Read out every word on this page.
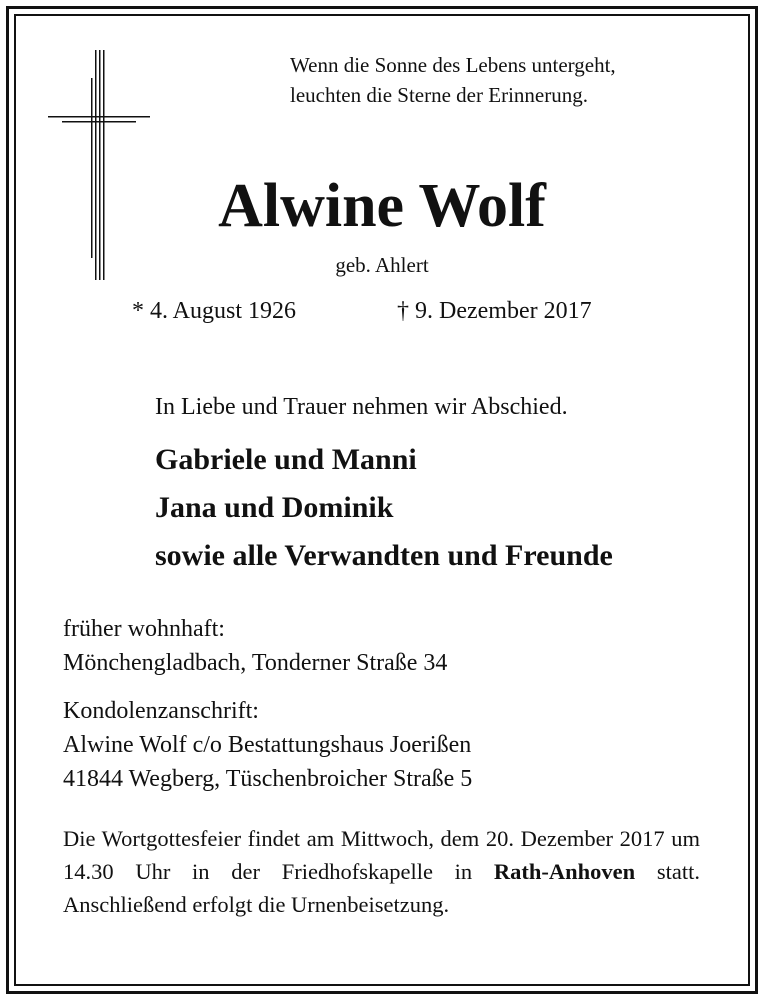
Wenn die Sonne des Lebens untergeht,
leuchten die Sterne der Erinnerung.
Alwine Wolf
geb. Ahlert
* 4. August 1926	† 9. Dezember 2017
In Liebe und Trauer nehmen wir Abschied.
Gabriele und Manni
Jana und Dominik
sowie alle Verwandten und Freunde
früher wohnhaft:
Mönchengladbach, Tonderner Straße 34
Kondolenzanschrift:
Alwine Wolf c/o Bestattungshaus Joerißen
41844 Wegberg, Tüschenbroicher Straße 5
Die Wortgottesfeier findet am Mittwoch, dem 20. Dezember 2017 um 14.30 Uhr in der Friedhofskapelle in Rath-Anhoven statt. Anschließend erfolgt die Urnenbeisetzung.
